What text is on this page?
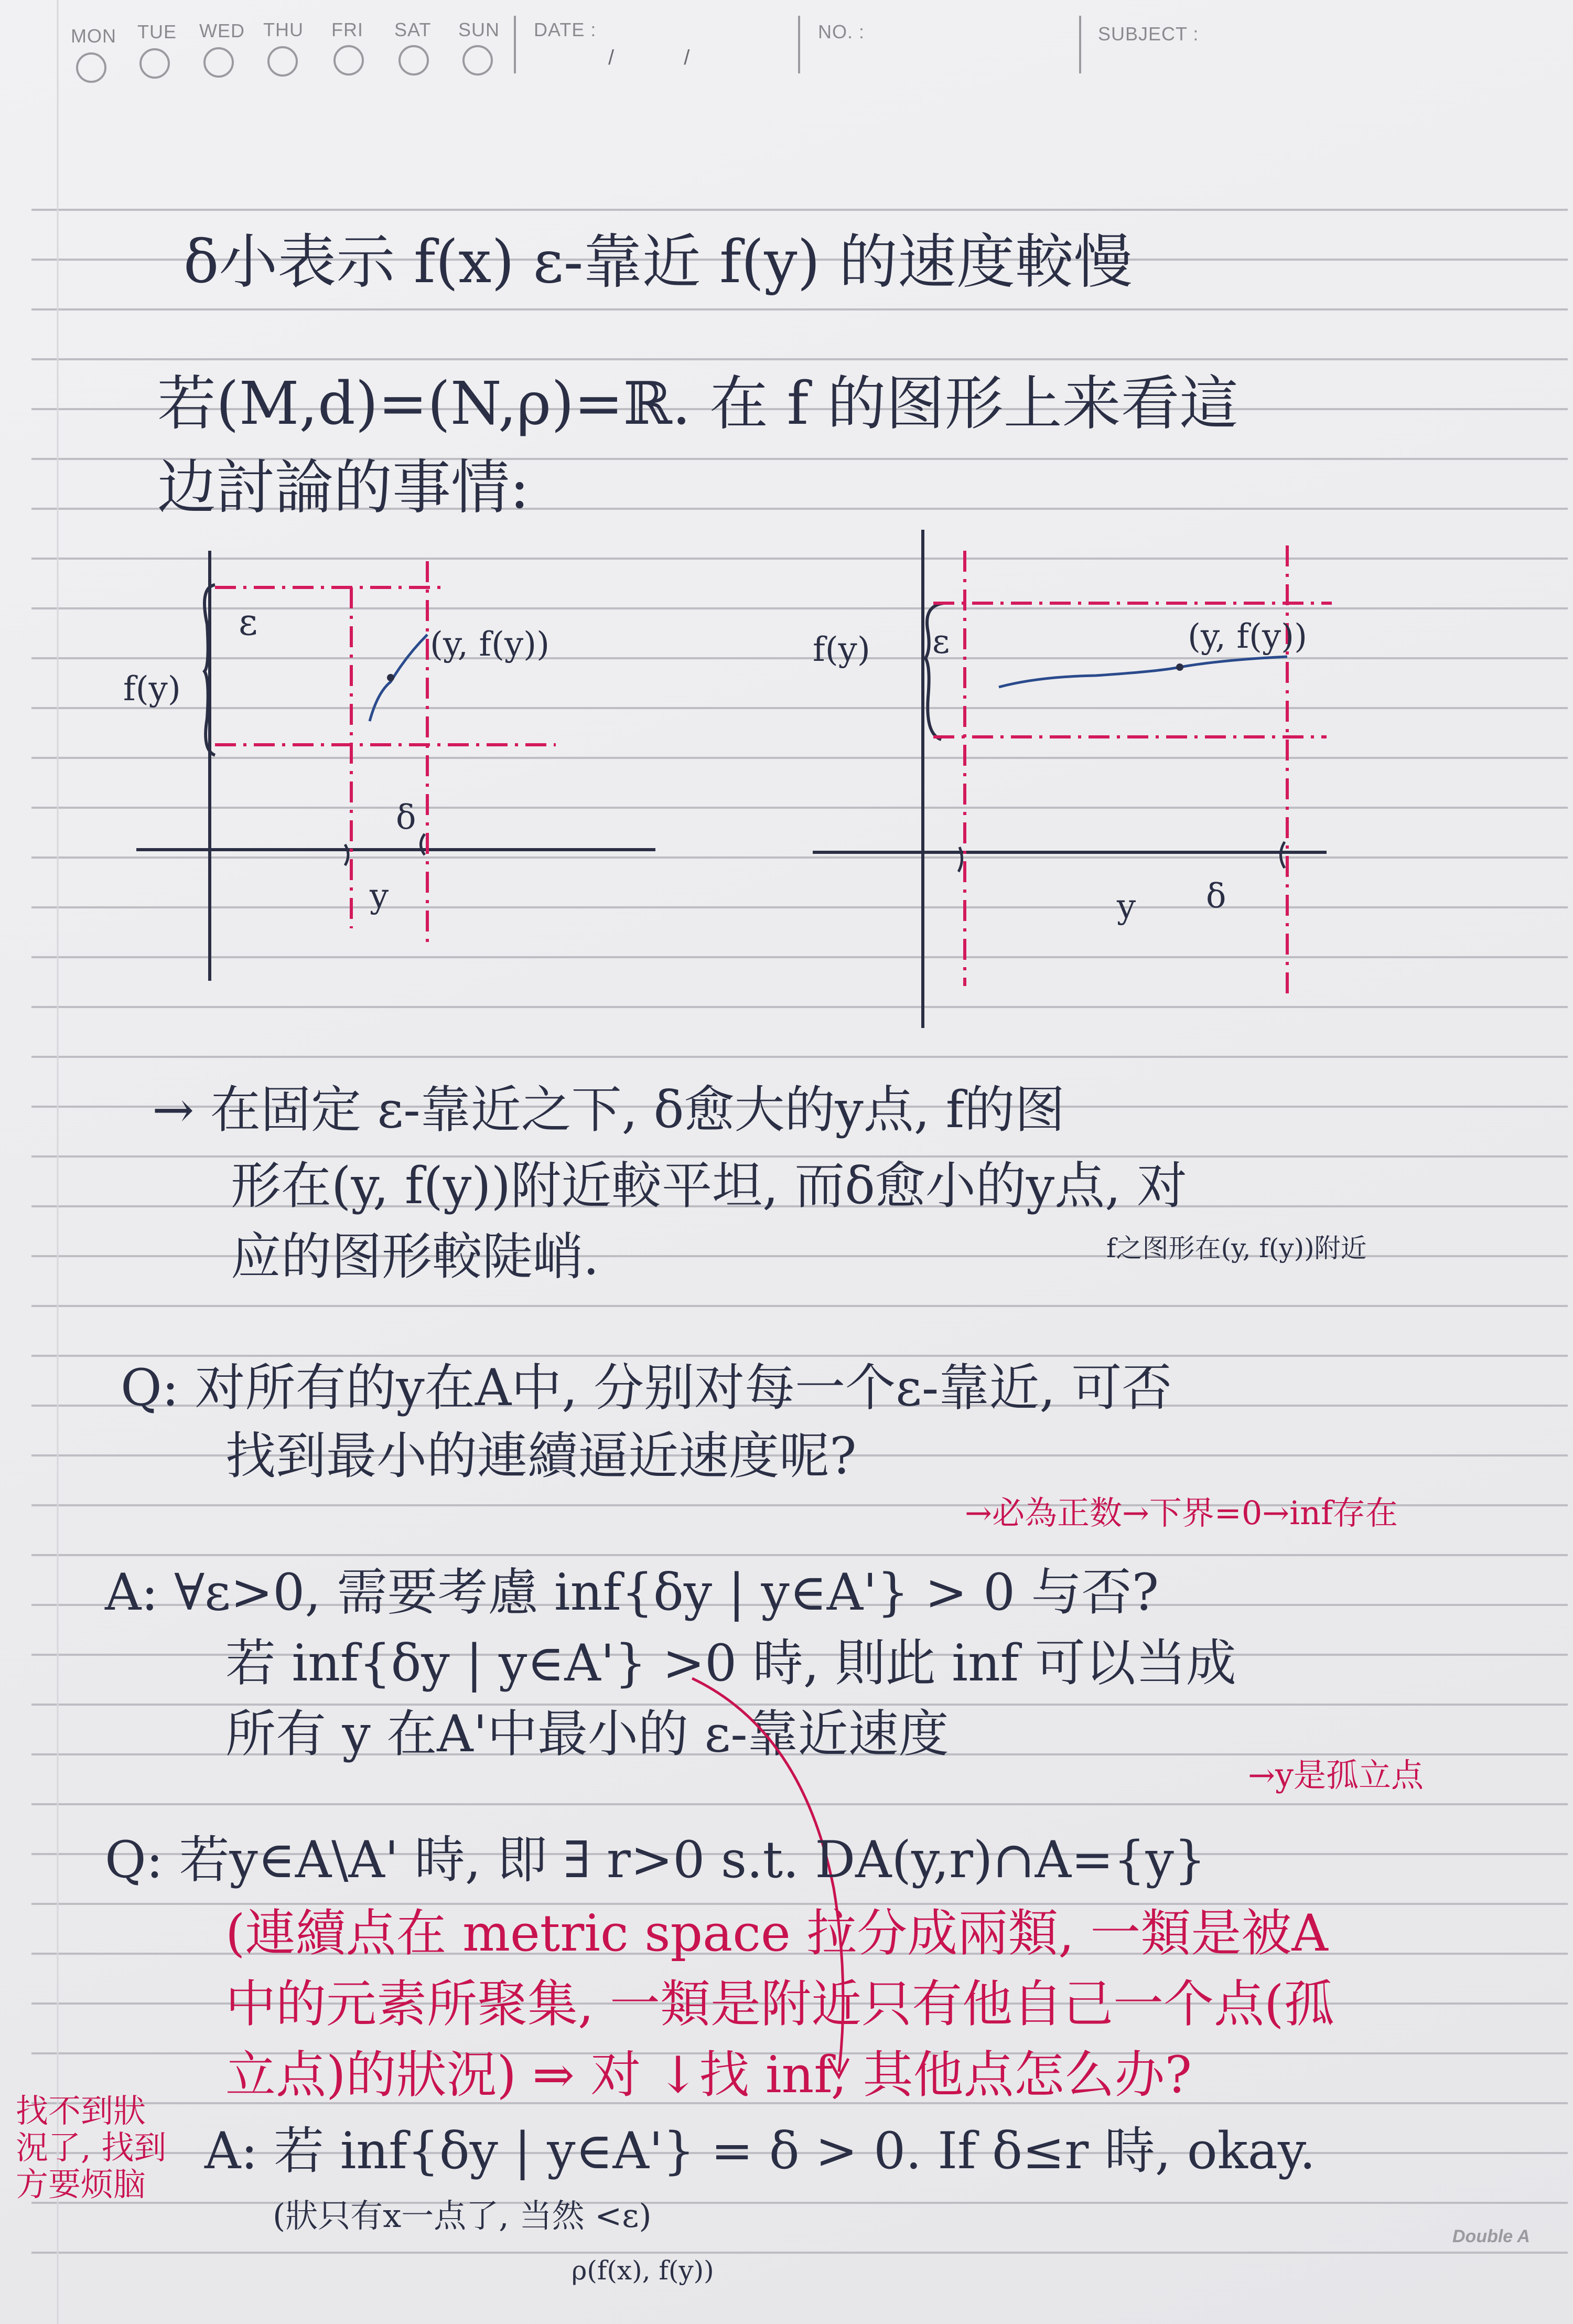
MON TUE WED THU FRI SAT SUN DATE :
/ /
NO. :	SUBJECT :
δ小表示 f(x) ε-靠近 f(y) 的速度較慢
若(M,d)=(N,ρ)=ℝ. 在 f 的图形上来看這
边討論的事情:
ε
f(y)
(y, f(y))
δ
y
ε
f(y)	(y, f(y))
δ
y
→ 在固定 ε-靠近之下, δ愈大的y点, f的图
形在(y, f(y))附近較平坦, 而δ愈小的y点, 对
应的图形較陡峭.	f之图形在(y, f(y))附近
Q: 对所有的y在A中, 分别对每一个ε-靠近, 可否
找到最小的連續逼近速度呢?
→必為正数→下界=0→inf存在
A: ∀ε>0, 需要考慮 inf{δy | y∈A'} > 0 与否?
若 inf{δy | y∈A'} >0 時, 則此 inf 可以当成
所有 y 在A'中最小的 ε-靠近速度
→y是孤立点
Q: 若y∈A\A' 時, 即 ∃ r>0 s.t. DA(y,r)∩A={y}
(連續点在 metric space 拉分成兩類, 一類是被A
中的元素所聚集, 一類是附近只有他自己一个点(孤
立点)的狀況) ⇒ 对 ↓找 inf, 其他点怎么办?
找不到狀
況了, 找到
方要烦脑
A: 若 inf{δy | y∈A'} = δ > 0. If δ≤r 時, okay.
(狀只有x一点了, 当然 <ε)
ρ(f(x), f(y))
Double A
